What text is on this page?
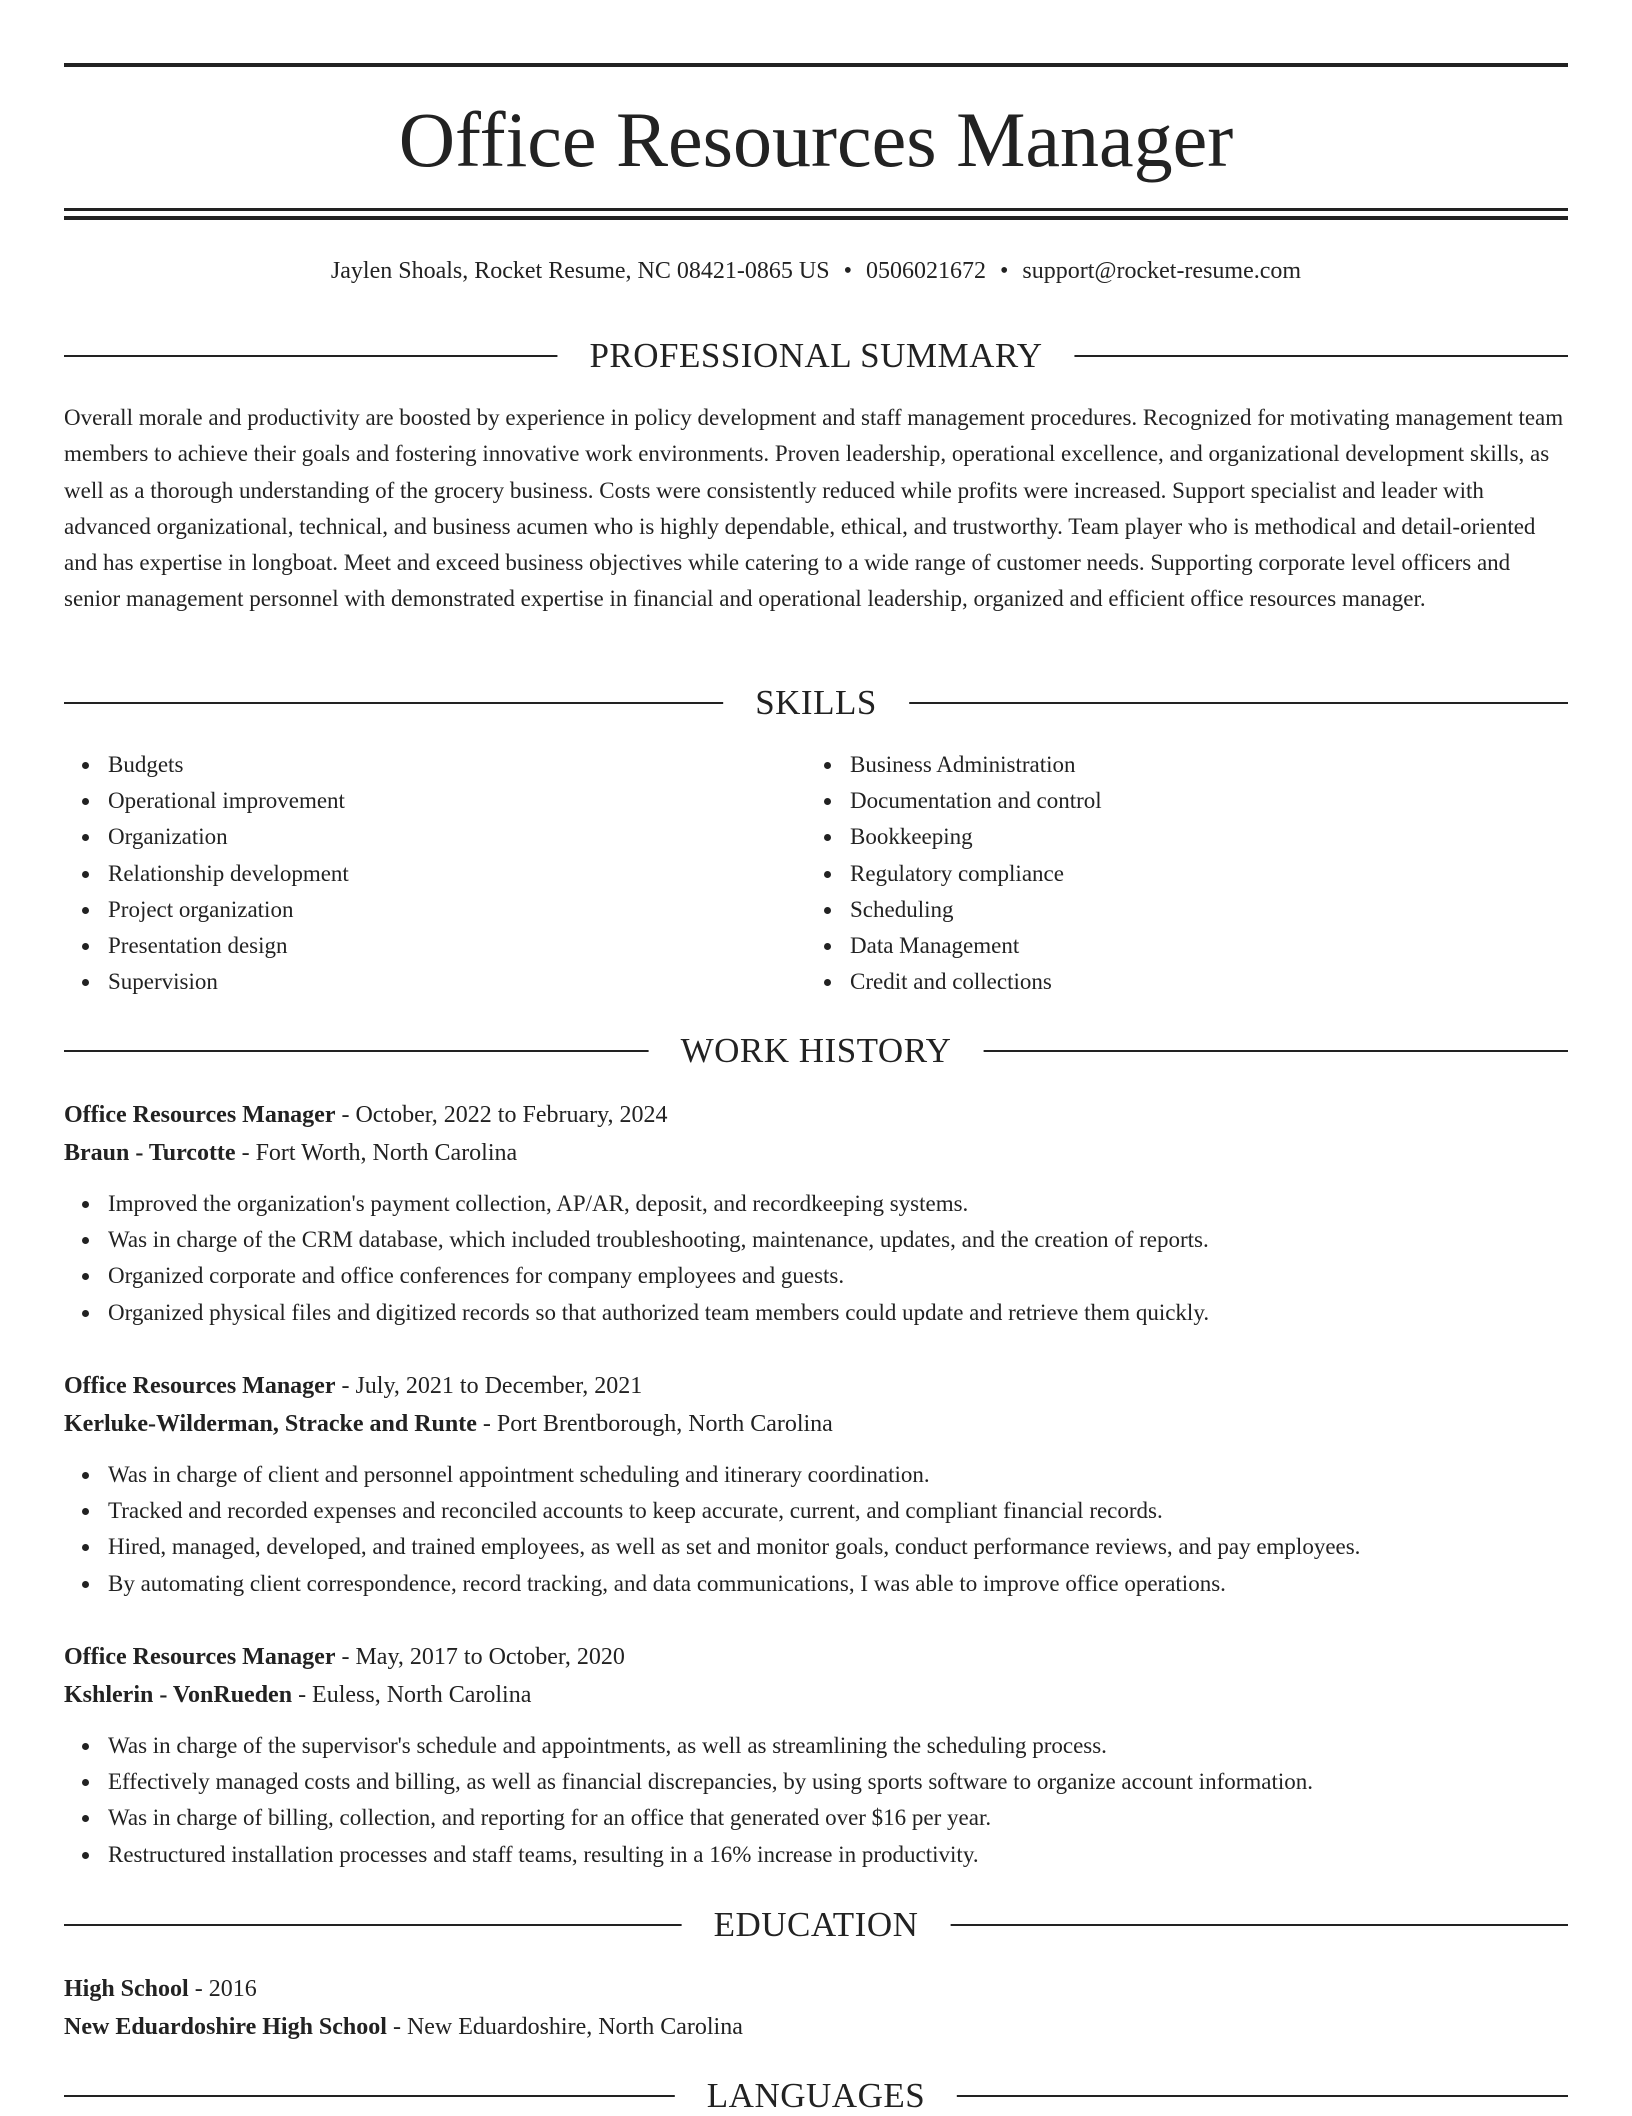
Office Resources Manager
Jaylen Shoals, Rocket Resume, NC 08421-0865 US • 0506021672 • support@rocket-resume.com
PROFESSIONAL SUMMARY

Overall morale and productivity are boosted by experience in policy development and staff management procedures. Recognized for motivating management team members to achieve their goals and fostering innovative work environments. Proven leadership, operational excellence, and organizational development skills, as well as a thorough understanding of the grocery business. Costs were consistently reduced while profits were increased. Support specialist and leader with advanced organizational, technical, and business acumen who is highly dependable, ethical, and trustworthy. Team player who is methodical and detail-oriented and has expertise in longboat. Meet and exceed business objectives while catering to a wide range of customer needs. Supporting corporate level officers and senior management personnel with demonstrated expertise in financial and operational leadership, organized and efficient office resources manager.

SKILLS
Budgets
Operational improvement
Organization
Relationship development
Project organization
Presentation design
Supervision
Business Administration
Documentation and control
Bookkeeping
Regulatory compliance
Scheduling
Data Management
Credit and collections
WORK HISTORY
Office Resources Manager - October, 2022 to February, 2024
Braun - Turcotte - Fort Worth, North Carolina
Improved the organization's payment collection, AP/AR, deposit, and recordkeeping systems.
Was in charge of the CRM database, which included troubleshooting, maintenance, updates, and the creation of reports.
Organized corporate and office conferences for company employees and guests.
Organized physical files and digitized records so that authorized team members could update and retrieve them quickly.
Office Resources Manager - July, 2021 to December, 2021
Kerluke-Wilderman, Stracke and Runte - Port Brentborough, North Carolina
Was in charge of client and personnel appointment scheduling and itinerary coordination.
Tracked and recorded expenses and reconciled accounts to keep accurate, current, and compliant financial records.
Hired, managed, developed, and trained employees, as well as set and monitor goals, conduct performance reviews, and pay employees.
By automating client correspondence, record tracking, and data communications, I was able to improve office operations.
Office Resources Manager - May, 2017 to October, 2020
Kshlerin - VonRueden - Euless, North Carolina
Was in charge of the supervisor's schedule and appointments, as well as streamlining the scheduling process.
Effectively managed costs and billing, as well as financial discrepancies, by using sports software to organize account information.
Was in charge of billing, collection, and reporting for an office that generated over $16 per year.
Restructured installation processes and staff teams, resulting in a 16% increase in productivity.
EDUCATION
High School - 2016
New Eduardoshire High School - New Eduardoshire, North Carolina
LANGUAGES
